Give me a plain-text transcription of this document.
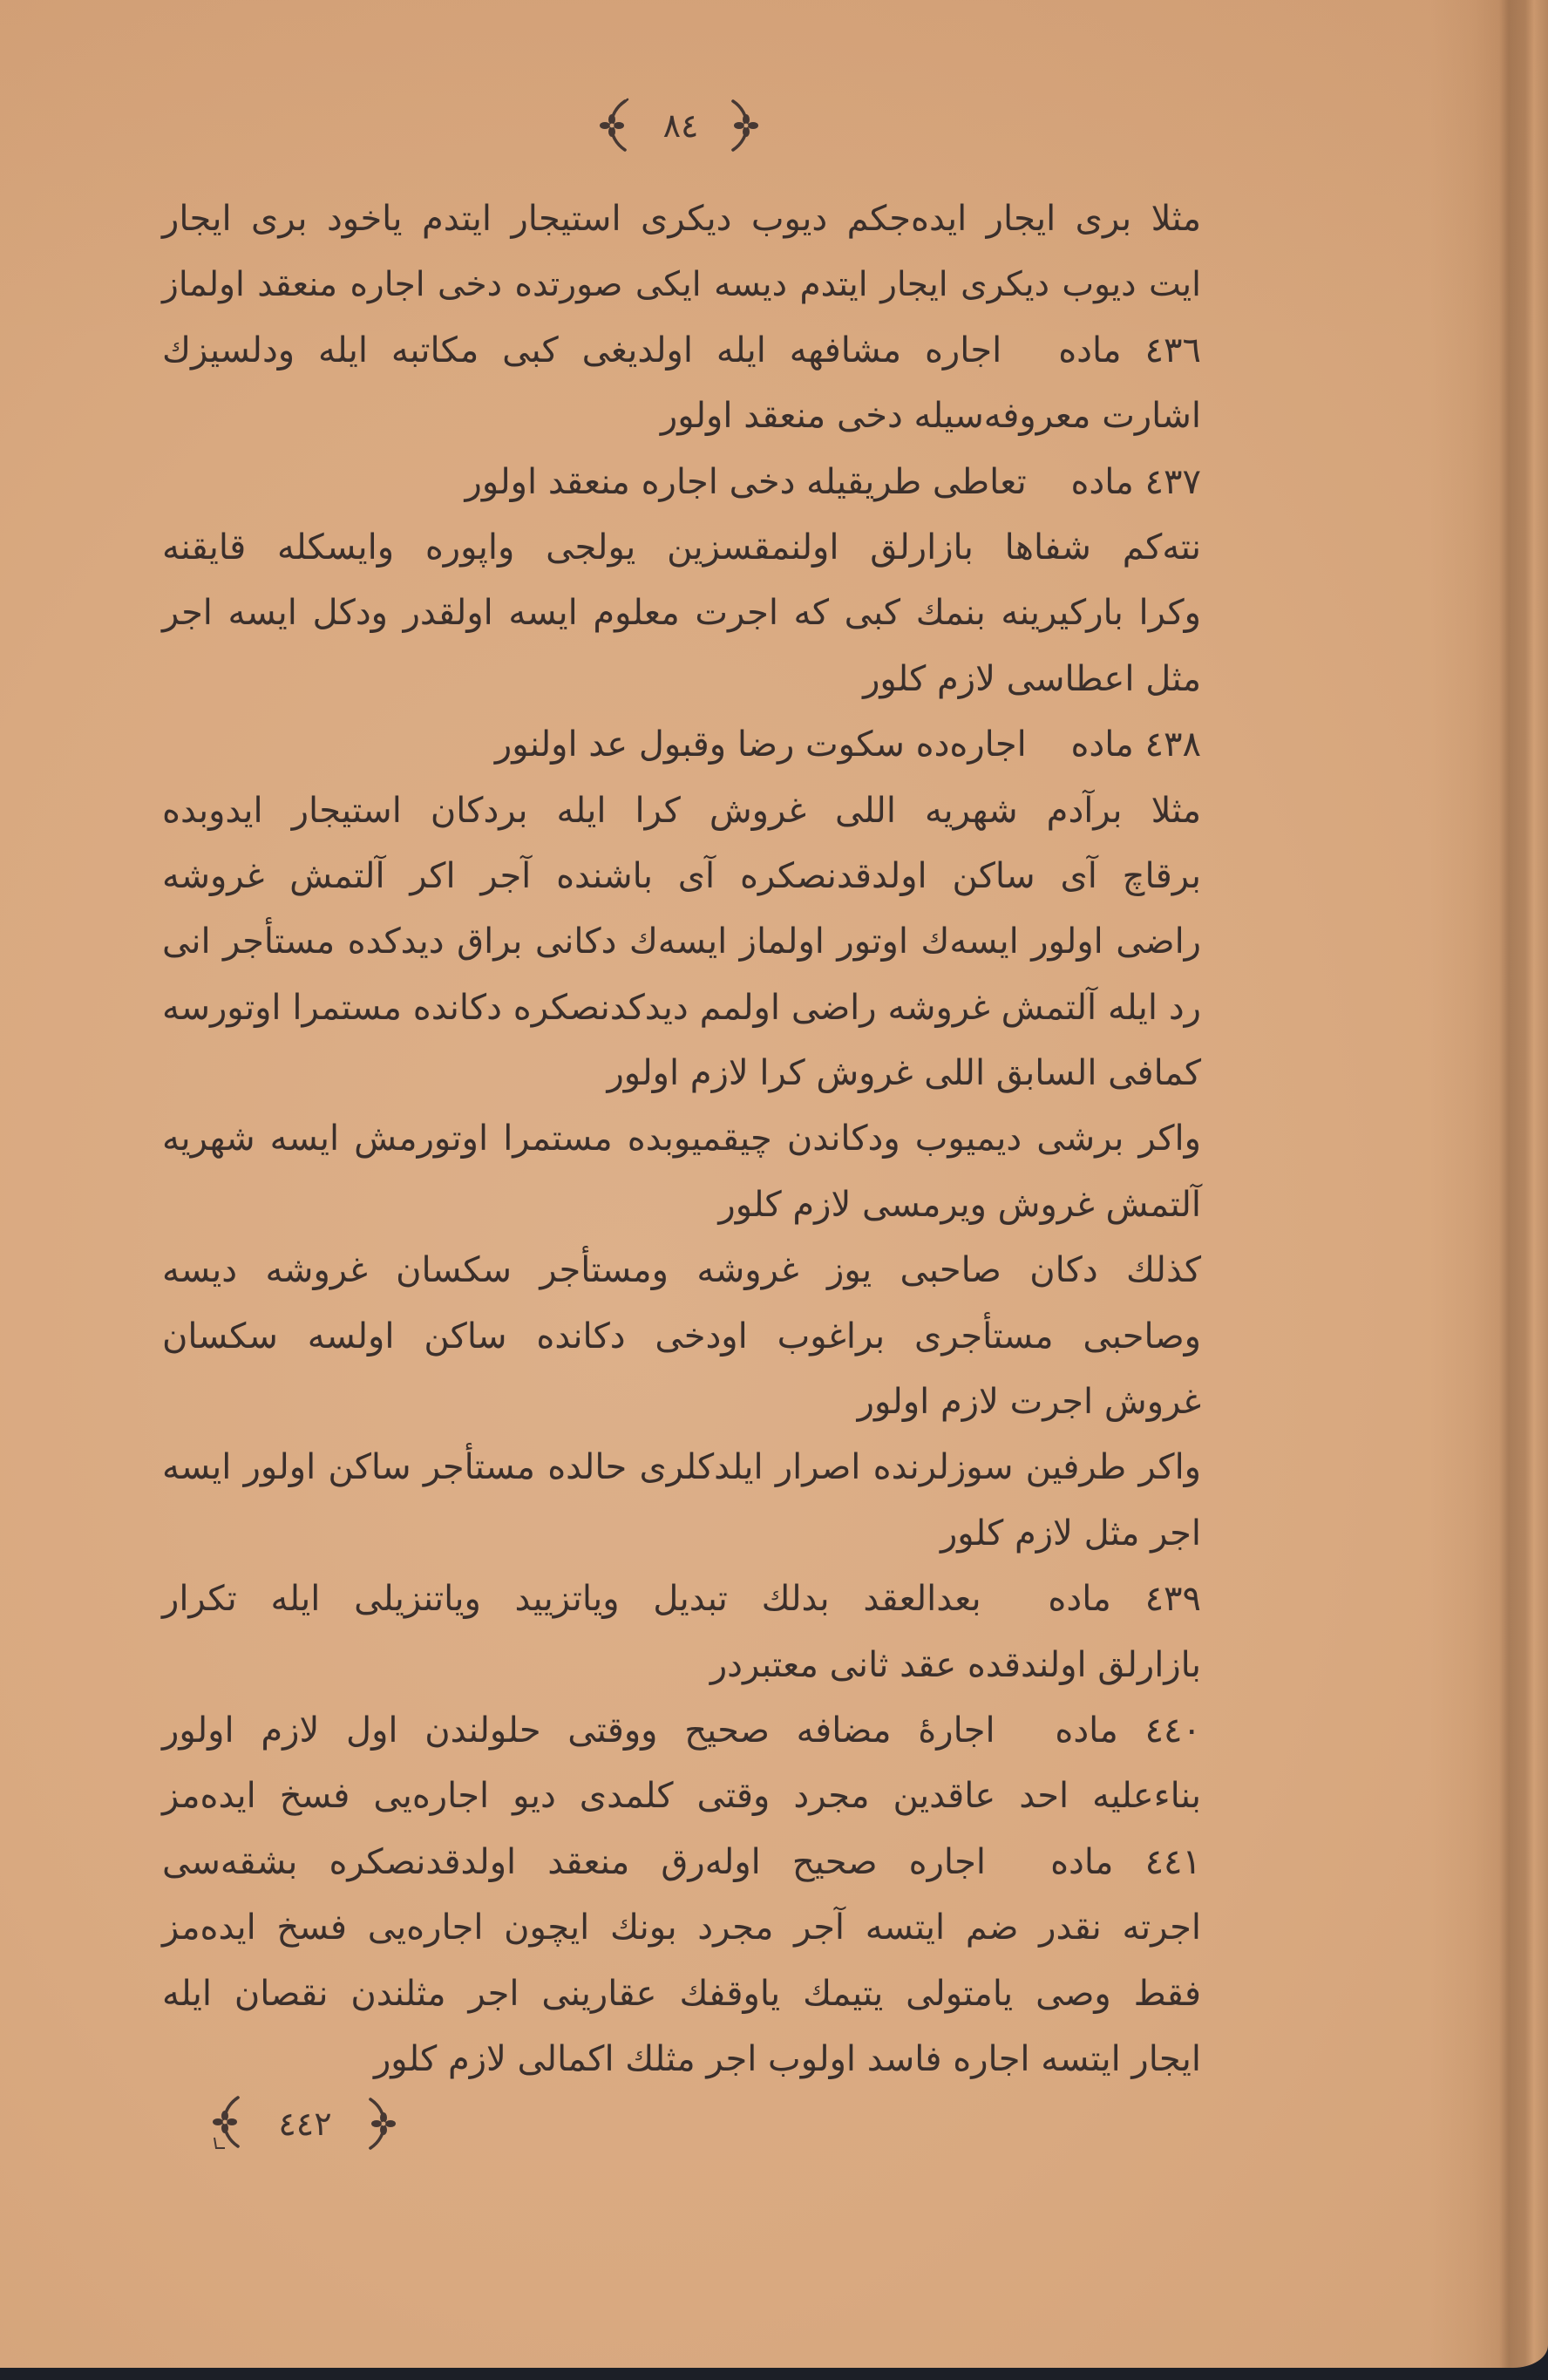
٨٤
مثلا بری ایجار ایده‌جکم دیوب دیکری استیجار ایتدم یاخود بری ایجار
ایت دیوب دیکری ایجار ایتدم دیسه ایکی صورتده دخی اجاره منعقد اولماز
٤٣٦ ماده اجاره مشافهه ایله اولدیغی کبی مکاتبه ایله ودلسیزك
اشارت معروفه‌سیله دخی منعقد اولور
٤٣٧ ماده تعاطی طریقیله دخی اجاره منعقد اولور
نته‌کم شفاها بازارلق اولنمقسزین یولجی واپوره وایسکله قایقنه
وکرا بارکیرینه بنمك کبی که اجرت معلوم ایسه اولقدر ودکل ایسه اجر
مثل اعطاسی لازم کلور
٤٣٨ ماده اجاره‌ده سکوت رضا وقبول عد اولنور
مثلا برآدم شهریه اللی غروش کرا ایله بردکان استیجار ایدوبده
برقاچ آی ساکن اولدقدنصکره آی باشنده آجر اکر آلتمش غروشه
راضی اولور ایسه‌ك اوتور اولماز ایسه‌ك دکانی براق دیدکده مستأجر انی
رد ایله آلتمش غروشه راضی اولمم دیدکدنصکره دکانده مستمرا اوتورسه
کمافی السابق اللی غروش کرا لازم اولور
واکر برشی دیمیوب ودکاندن چیقمیوبده مستمرا اوتورمش ایسه شهریه
آلتمش غروش ویرمسی لازم کلور
کذلك دکان صاحبی یوز غروشه ومستأجر سکسان غروشه دیسه
وصاحبی مستأجری براغوب اودخی دکانده ساکن اولسه سکسان
غروش اجرت لازم اولور
واکر طرفین سوزلرنده اصرار ایلدکلری حالده مستأجر ساکن اولور ایسه
اجر مثل لازم کلور
٤٣٩ ماده بعدالعقد بدلك تبدیل ویاتزیید ویاتنزیلی ایله تکرار
بازارلق اولندقده عقد ثانی معتبردر
٤٤٠ ماده اجارهٔ مضافه صحیح ووقتی حلولندن اول لازم اولور
بناءعلیه احد عاقدین مجرد وقتی کلمدی دیو اجاره‌یی فسخ ایده‌مز
٤٤١ ماده اجاره صحیح اوله‌رق منعقد اولدقدنصکره بشقه‌سی
اجرته نقدر ضم ایتسه آجر مجرد بونك ایچون اجاره‌یی فسخ ایده‌مز
فقط وصی یامتولی یتیمك یاوقفك عقارینی اجر مثلندن نقصان ایله
ایجار ایتسه اجاره فاسد اولوب اجر مثلك اکمالی لازم کلور
٤٤٢
